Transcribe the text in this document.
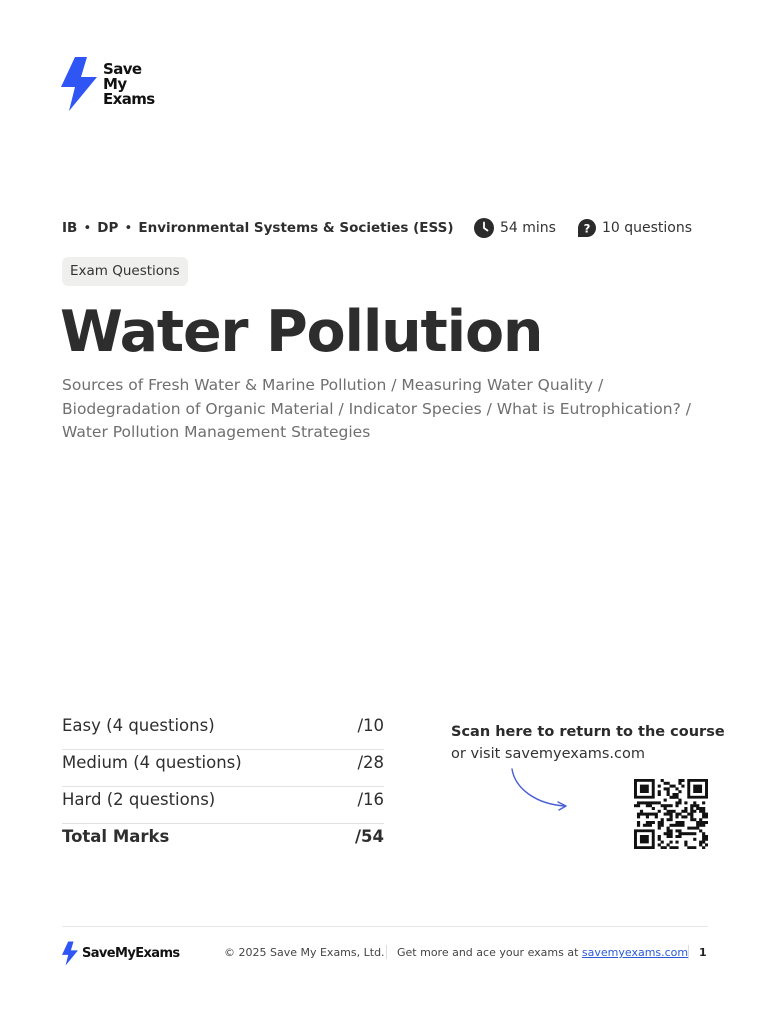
Save
My
Exams
IB • DP • Environmental Systems & Societies (ESS)	54 mins ? 10 questions
Exam Questions
Water Pollution
Sources of Fresh Water & Marine Pollution / Measuring Water Quality / Biodegradation of Organic Material / Indicator Species / What is Eutrophication? / Water Pollution Management Strategies
Easy (4 questions)	/10
Medium (4 questions)	/28
Hard (2 questions)	/16
Total Marks	/54
Scan here to return to the course
or visit savemyexams.com
SaveMyExams	© 2025 Save My Exams, Ltd. Get more and ace your exams at savemyexams.com 1
